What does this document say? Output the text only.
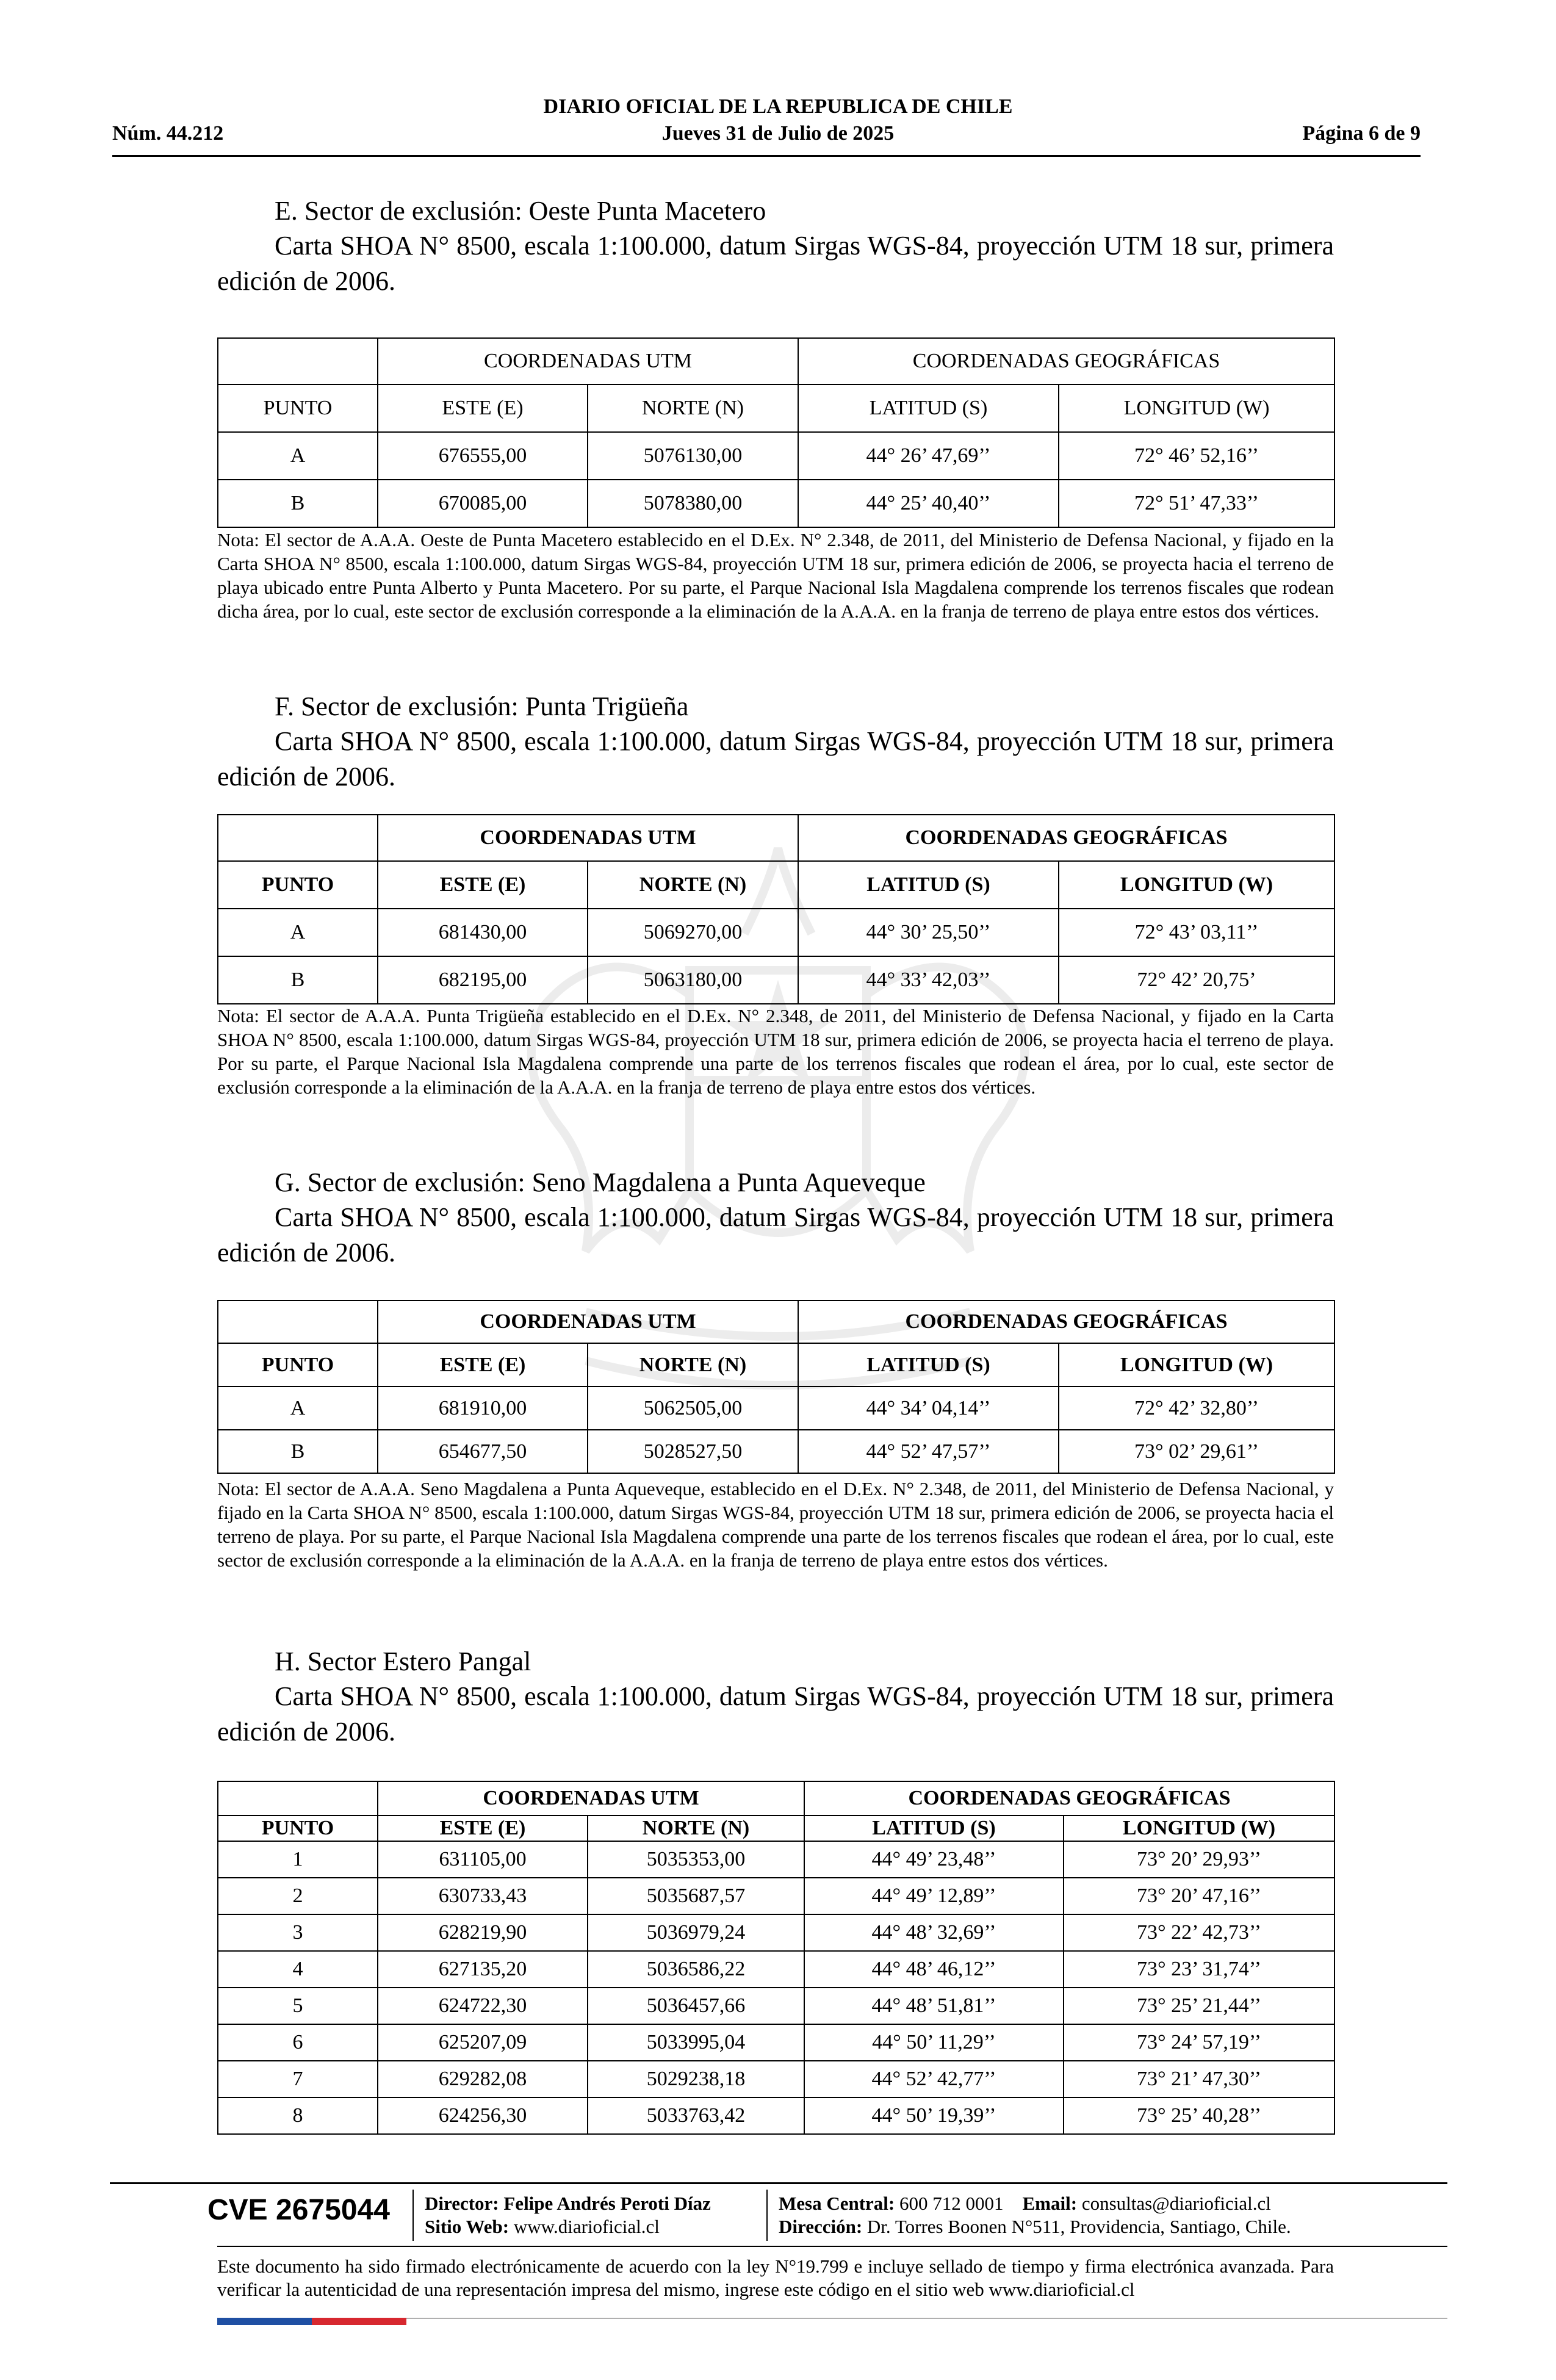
DIARIO OFICIAL DE LA REPUBLICA DE CHILE
Núm. 44.212	Jueves 31 de Julio de 2025	Página 6 de 9
E. Sector de exclusión: Oeste Punta Macetero
Carta SHOA N° 8500, escala 1:100.000, datum Sirgas WGS-84, proyección UTM 18 sur, primera edición de 2006.
	COORDENADAS UTM		COORDENADAS GEOGRÁFICAS	
PUNTO	ESTE (E)	NORTE (N)	LATITUD (S)	LONGITUD (W)
A	676555,00	5076130,00	44° 26’ 47,69’’	72° 46’ 52,16’’
B	670085,00	5078380,00	44° 25’ 40,40’’	72° 51’ 47,33’’
Nota: El sector de A.A.A. Oeste de Punta Macetero establecido en el D.Ex. N° 2.348, de 2011, del Ministerio de Defensa Nacional, y fijado en la Carta SHOA N° 8500, escala 1:100.000, datum Sirgas WGS-84, proyección UTM 18 sur, primera edición de 2006, se proyecta hacia el terreno de playa ubicado entre Punta Alberto y Punta Macetero. Por su parte, el Parque Nacional Isla Magdalena comprende los terrenos fiscales que rodean dicha área, por lo cual, este sector de exclusión corresponde a la eliminación de la A.A.A. en la franja de terreno de playa entre estos dos vértices.
F. Sector de exclusión: Punta Trigüeña
Carta SHOA N° 8500, escala 1:100.000, datum Sirgas WGS-84, proyección UTM 18 sur, primera edición de 2006.
	COORDENADAS UTM		COORDENADAS GEOGRÁFICAS	
PUNTO	ESTE (E)	NORTE (N)	LATITUD (S)	LONGITUD (W)
A	681430,00	5069270,00	44° 30’ 25,50’’	72° 43’ 03,11’’
B	682195,00	5063180,00	44° 33’ 42,03’’	72° 42’ 20,75’
Nota: El sector de A.A.A. Punta Trigüeña establecido en el D.Ex. N° 2.348, de 2011, del Ministerio de Defensa Nacional, y fijado en la Carta SHOA N° 8500, escala 1:100.000, datum Sirgas WGS-84, proyección UTM 18 sur, primera edición de 2006, se proyecta hacia el terreno de playa. Por su parte, el Parque Nacional Isla Magdalena comprende una parte de los terrenos fiscales que rodean el área, por lo cual, este sector de exclusión corresponde a la eliminación de la A.A.A. en la franja de terreno de playa entre estos dos vértices.
G. Sector de exclusión: Seno Magdalena a Punta Aqueveque
Carta SHOA N° 8500, escala 1:100.000, datum Sirgas WGS-84, proyección UTM 18 sur, primera edición de 2006.
	COORDENADAS UTM		COORDENADAS GEOGRÁFICAS	
PUNTO	ESTE (E)	NORTE (N)	LATITUD (S)	LONGITUD (W)
A	681910,00	5062505,00	44° 34’ 04,14’’	72° 42’ 32,80’’
B	654677,50	5028527,50	44° 52’ 47,57’’	73° 02’ 29,61’’
Nota: El sector de A.A.A. Seno Magdalena a Punta Aqueveque, establecido en el D.Ex. N° 2.348, de 2011, del Ministerio de Defensa Nacional, y fijado en la Carta SHOA N° 8500, escala 1:100.000, datum Sirgas WGS-84, proyección UTM 18 sur, primera edición de 2006, se proyecta hacia el terreno de playa. Por su parte, el Parque Nacional Isla Magdalena comprende una parte de los terrenos fiscales que rodean el área, por lo cual, este sector de exclusión corresponde a la eliminación de la A.A.A. en la franja de terreno de playa entre estos dos vértices.
H. Sector Estero Pangal
Carta SHOA N° 8500, escala 1:100.000, datum Sirgas WGS-84, proyección UTM 18 sur, primera edición de 2006.
	COORDENADAS UTM		COORDENADAS GEOGRÁFICAS	
PUNTO	ESTE (E)	NORTE (N)	LATITUD (S)	LONGITUD (W)
1	631105,00	5035353,00	44° 49’ 23,48’’	73° 20’ 29,93’’
2	630733,43	5035687,57	44° 49’ 12,89’’	73° 20’ 47,16’’
3	628219,90	5036979,24	44° 48’ 32,69’’	73° 22’ 42,73’’
4	627135,20	5036586,22	44° 48’ 46,12’’	73° 23’ 31,74’’
5	624722,30	5036457,66	44° 48’ 51,81’’	73° 25’ 21,44’’
6	625207,09	5033995,04	44° 50’ 11,29’’	73° 24’ 57,19’’
7	629282,08	5029238,18	44° 52’ 42,77’’	73° 21’ 47,30’’
8	624256,30	5033763,42	44° 50’ 19,39’’	73° 25’ 40,28’’
CVE 2675044 Director: Felipe Andrés Peroti Díaz
Sitio Web: www.diarioficial.cl
Mesa Central: 600 712 0001 Email: consultas@diarioficial.cl
Dirección: Dr. Torres Boonen N°511, Providencia, Santiago, Chile.
Este documento ha sido firmado electrónicamente de acuerdo con la ley N°19.799 e incluye sellado de tiempo y firma electrónica avanzada. Para verificar la autenticidad de una representación impresa del mismo, ingrese este código en el sitio web www.diarioficial.cl
